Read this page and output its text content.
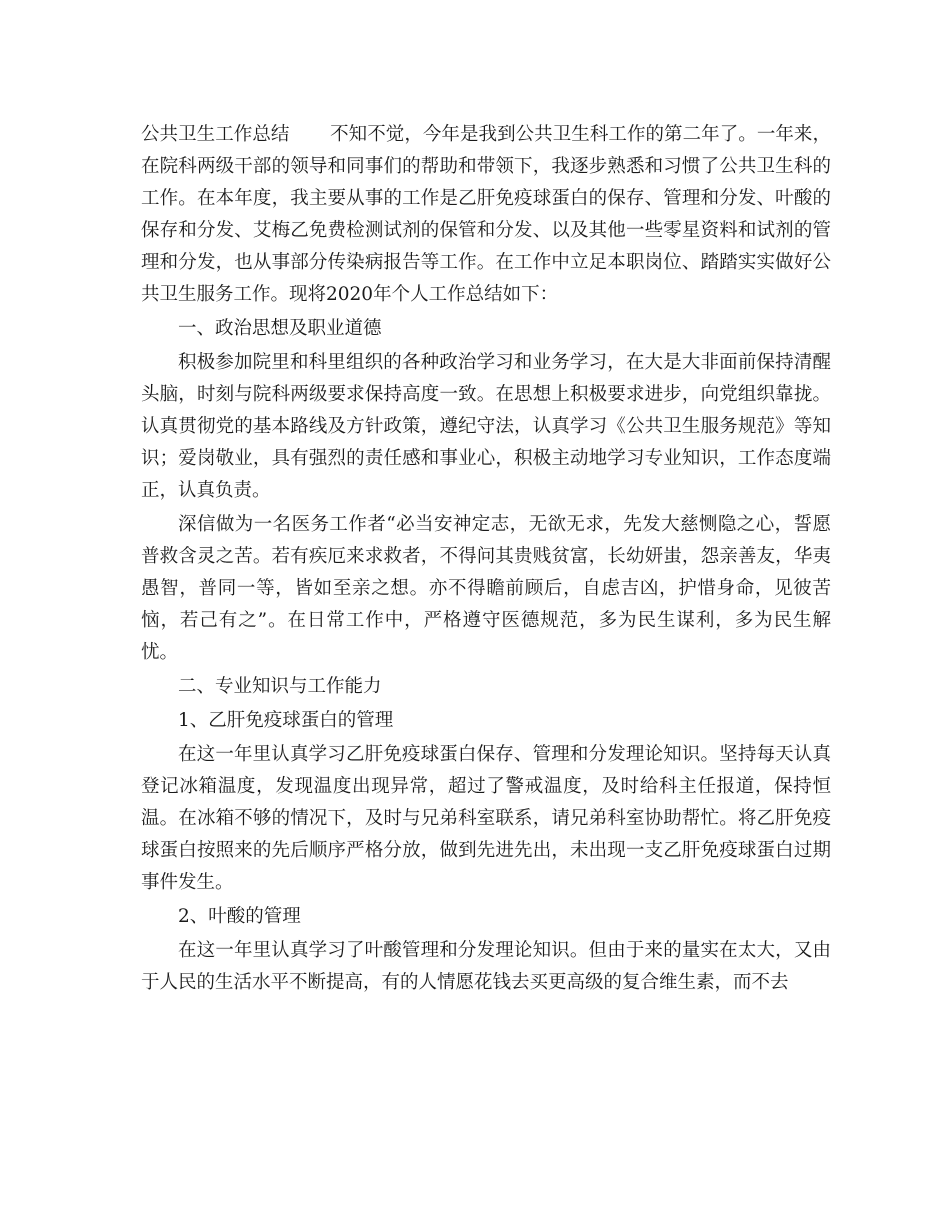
公共卫生工作总结 不知不觉，今年是我到公共卫生科工作的第二年了。一年来，在院科两级干部的领导和同事们的帮助和带领下，我逐步熟悉和习惯了公共卫生科的工作。在本年度，我主要从事的工作是乙肝免疫球蛋白的保存、管理和分发、叶酸的保存和分发、艾梅乙免费检测试剂的保管和分发、以及其他一些零星资料和试剂的管理和分发，也从事部分传染病报告等工作。在工作中立足本职岗位、踏踏实实做好公共卫生服务工作。现将2020年个人工作总结如下：

一、政治思想及职业道德

积极参加院里和科里组织的各种政治学习和业务学习，在大是大非面前保持清醒头脑，时刻与院科两级要求保持高度一致。在思想上积极要求进步，向党组织靠拢。认真贯彻党的基本路线及方针政策，遵纪守法，认真学习《公共卫生服务规范》等知识；爱岗敬业，具有强烈的责任感和事业心，积极主动地学习专业知识，工作态度端正，认真负责。

深信做为一名医务工作者“必当安神定志，无欲无求，先发大慈恻隐之心，誓愿普救含灵之苦。若有疾厄来求救者，不得问其贵贱贫富，长幼妍蚩，怨亲善友，华夷愚智，普同一等，皆如至亲之想。亦不得瞻前顾后，自虑吉凶，护惜身命，见彼苦恼，若己有之”。在日常工作中，严格遵守医德规范，多为民生谋利，多为民生解忧。

二、专业知识与工作能力

1、乙肝免疫球蛋白的管理

在这一年里认真学习乙肝免疫球蛋白保存、管理和分发理论知识。坚持每天认真登记冰箱温度，发现温度出现异常，超过了警戒温度，及时给科主任报道，保持恒温。在冰箱不够的情况下，及时与兄弟科室联系，请兄弟科室协助帮忙。将乙肝免疫球蛋白按照来的先后顺序严格分放，做到先进先出，未出现一支乙肝免疫球蛋白过期事件发生。

2、叶酸的管理

在这一年里认真学习了叶酸管理和分发理论知识。但由于来的量实在太大，又由于人民的生活水平不断提高，有的人情愿花钱去买更高级的复合维生素，而不去
